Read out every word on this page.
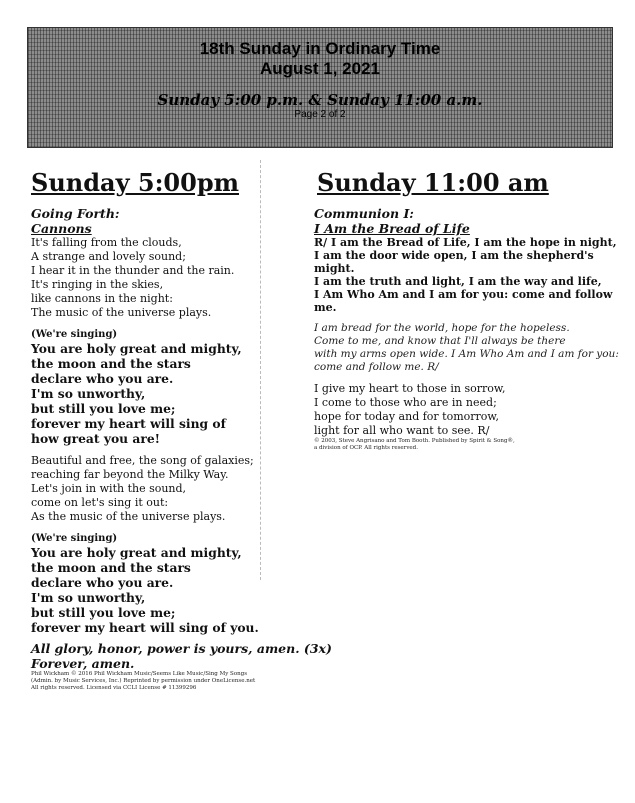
18th Sunday in Ordinary Time
August 1, 2021
Sunday 5:00 p.m. & Sunday 11:00 a.m.
Page 2 of 2
Sunday 5:00pm
Going Forth:
Cannons
It's falling from the clouds,
A strange and lovely sound;
I hear it in the thunder and the rain.
It's ringing in the skies,
like cannons in the night:
The music of the universe plays.
(We're singing)
You are holy great and mighty,
the moon and the stars
declare who you are.
I'm so unworthy,
but still you love me;
forever my heart will sing of
how great you are!
Beautiful and free, the song of galaxies;
reaching far beyond the Milky Way.
Let's join in with the sound,
come on let's sing it out:
As the music of the universe plays.
(We're singing)
You are holy great and mighty,
the moon and the stars
declare who you are.
I'm so unworthy,
but still you love me;
forever my heart will sing of you.
All glory, honor, power is yours, amen. (3x)
Forever, amen.
Phil Wickham © 2016 Phil Wickham Music/Seems Like Music/Sing My Songs
(Admin. by Music Services, Inc.) Reprinted by permission under OneLicense.net
All rights reserved. Licensed via CCLI License # 11399296
Sunday 11:00 am
Communion I:
I Am the Bread of Life
R/ I am the Bread of Life, I am the hope in night,
I am the door wide open, I am the shepherd's
might.
I am the truth and light, I am the way and life,
I Am Who Am and I am for you: come and follow
me.
I am bread for the world, hope for the hopeless.
Come to me, and know that I'll always be there
with my arms open wide. I Am Who Am and I am for you:
come and follow me. R/
I give my heart to those in sorrow,
I come to those who are in need;
hope for today and for tomorrow,
light for all who want to see. R/
© 2003, Steve Angrisano and Tom Booth. Published by Spirit & Song®,
a division of OCP. All rights reserved.
